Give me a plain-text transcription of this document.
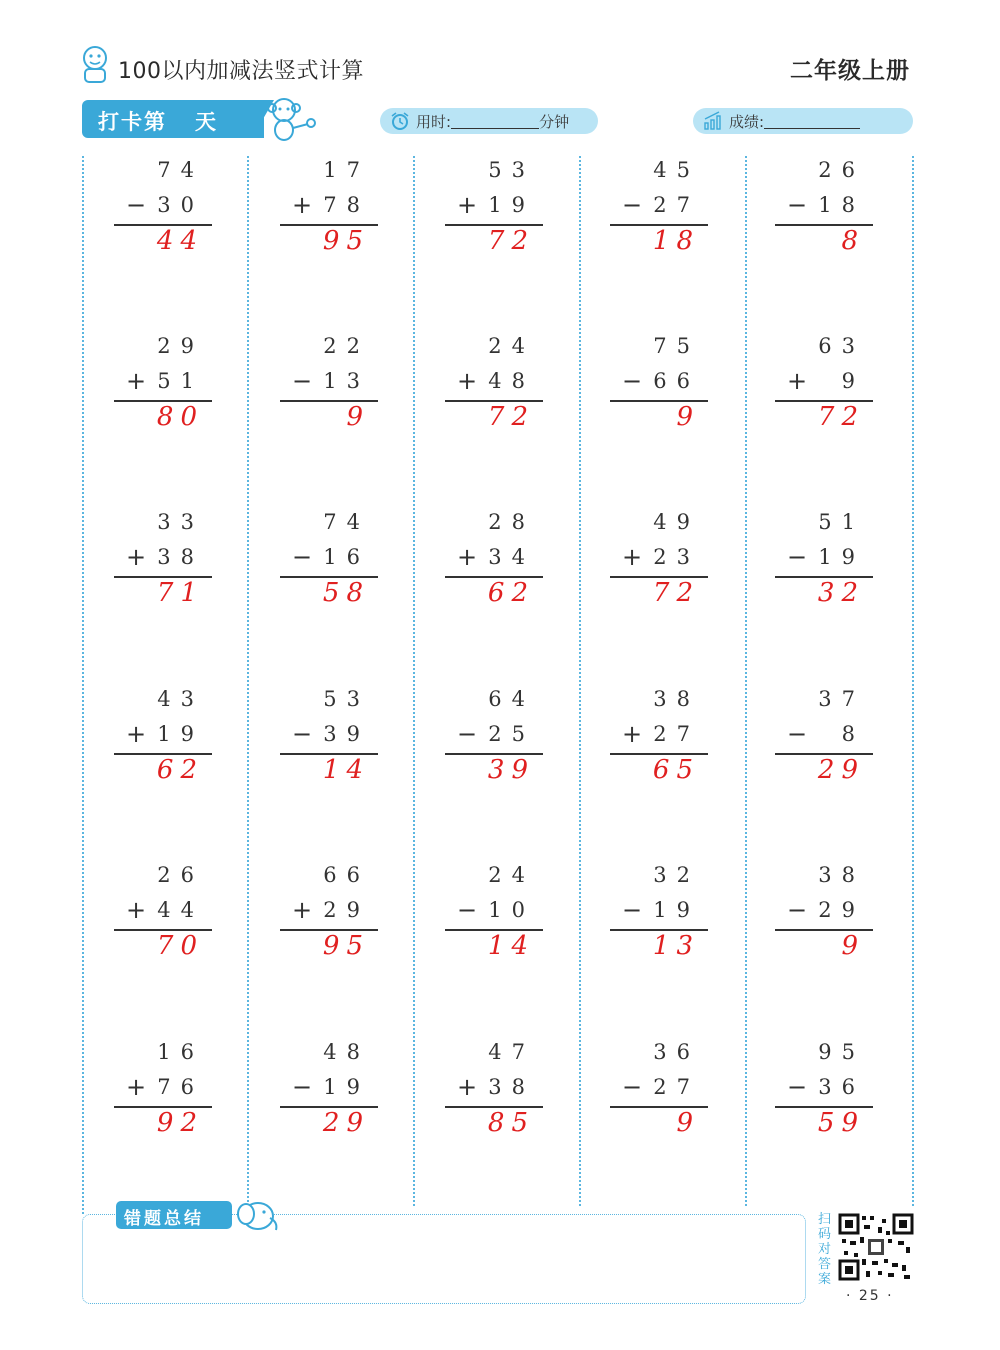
100以内加减法竖式计算	二年级上册
打卡第 天	用时:	分钟	成绩:
74
− 30
44
29
+ 51
80
33
+ 38
71
43
+ 19
62
26
+ 44
70
16
+ 76
92
17
+ 78
95
22
− 13
9
74
− 16
58
53
− 39
14
66
+ 29
95
48
− 19
29
53
+ 19
72
24
+ 48
72
28
+ 34
62
64
− 25
39
24
− 10
14
47
+ 38
85
45
− 27
18
75
− 66
9
49
+ 23
72
38
+ 27
65
32
− 19
13
36
− 27
9
26
− 18
8
63
+ 9
72
51
− 19
32
37
− 8
29
38
− 29
9
95
− 36
59
错题总结	扫码对答案
· 25 ·
